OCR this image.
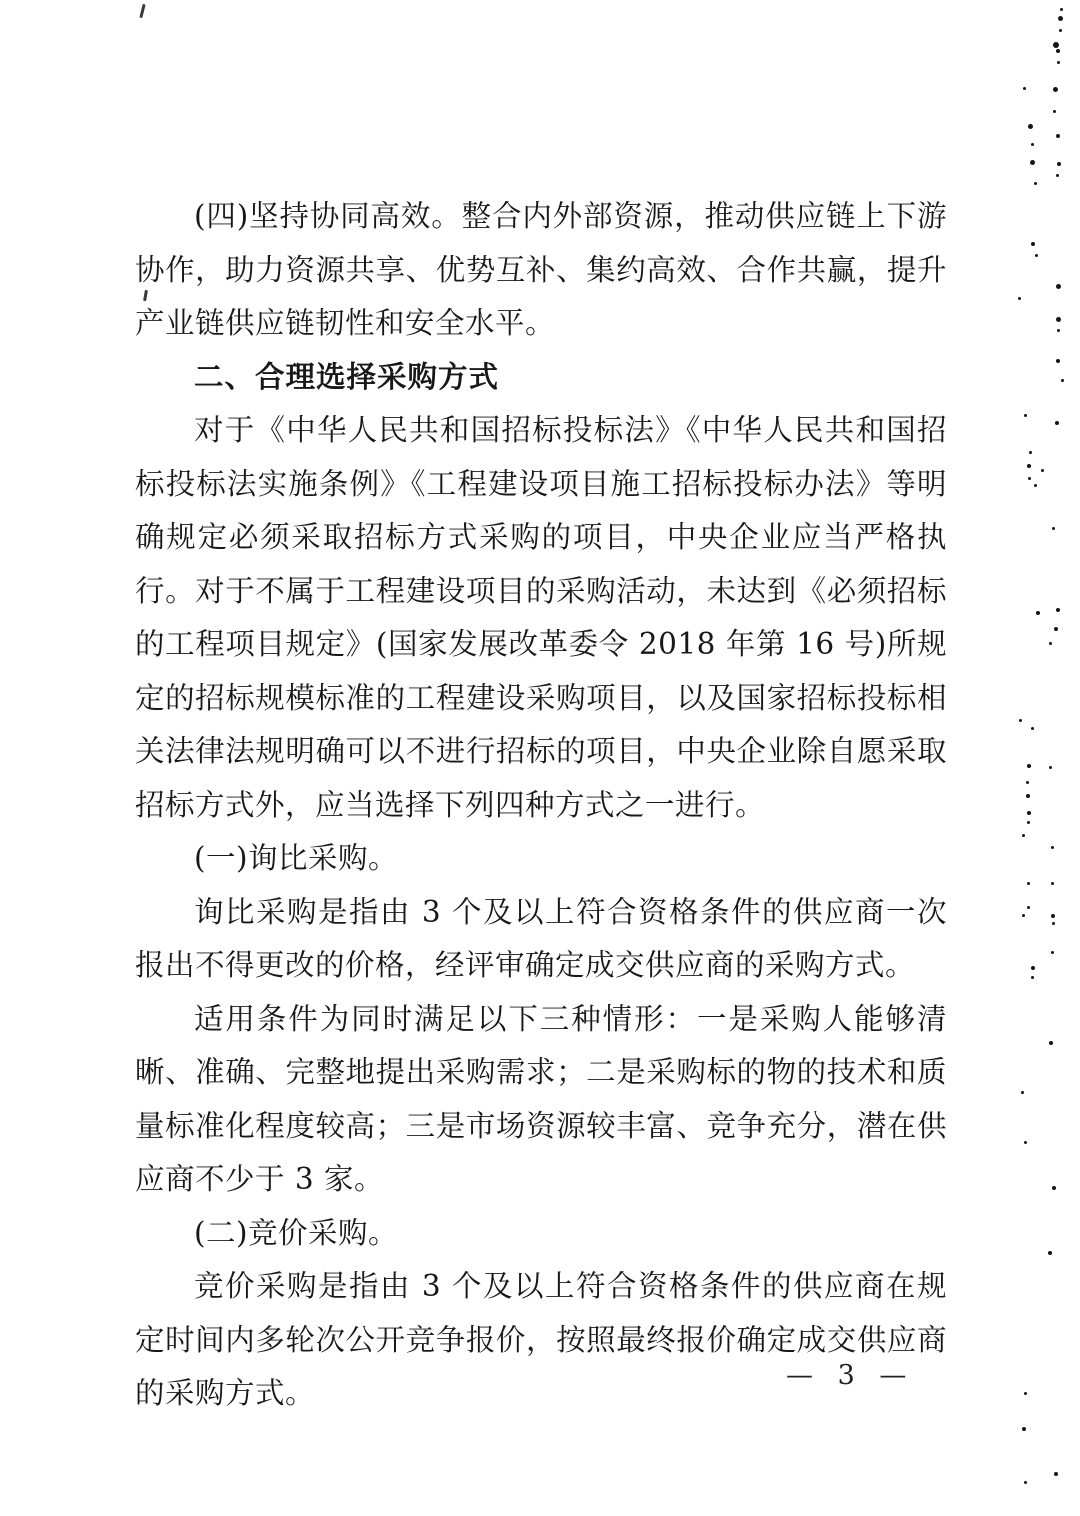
(四)坚持协同高效。整合内外部资源，推动供应链上下游协作，助力资源共享、优势互补、集约高效、合作共赢，提升产业链供应链韧性和安全水平。

二、合理选择采购方式

对于《中华人民共和国招标投标法》《中华人民共和国招标投标法实施条例》《工程建设项目施工招标投标办法》等明确规定必须采取招标方式采购的项目，中央企业应当严格执行。对于不属于工程建设项目的采购活动，未达到《必须招标的工程项目规定》(国家发展改革委令 2018 年第 16 号)所规定的招标规模标准的工程建设采购项目，以及国家招标投标相关法律法规明确可以不进行招标的项目，中央企业除自愿采取招标方式外，应当选择下列四种方式之一进行。

(一)询比采购。

询比采购是指由 3 个及以上符合资格条件的供应商一次报出不得更改的价格，经评审确定成交供应商的采购方式。

适用条件为同时满足以下三种情形：一是采购人能够清晰、准确、完整地提出采购需求；二是采购标的物的技术和质量标准化程度较高；三是市场资源较丰富、竞争充分，潜在供应商不少于 3 家。

(二)竞价采购。

竞价采购是指由 3 个及以上符合资格条件的供应商在规定时间内多轮次公开竞争报价，按照最终报价确定成交供应商的采购方式。

— 3 —
